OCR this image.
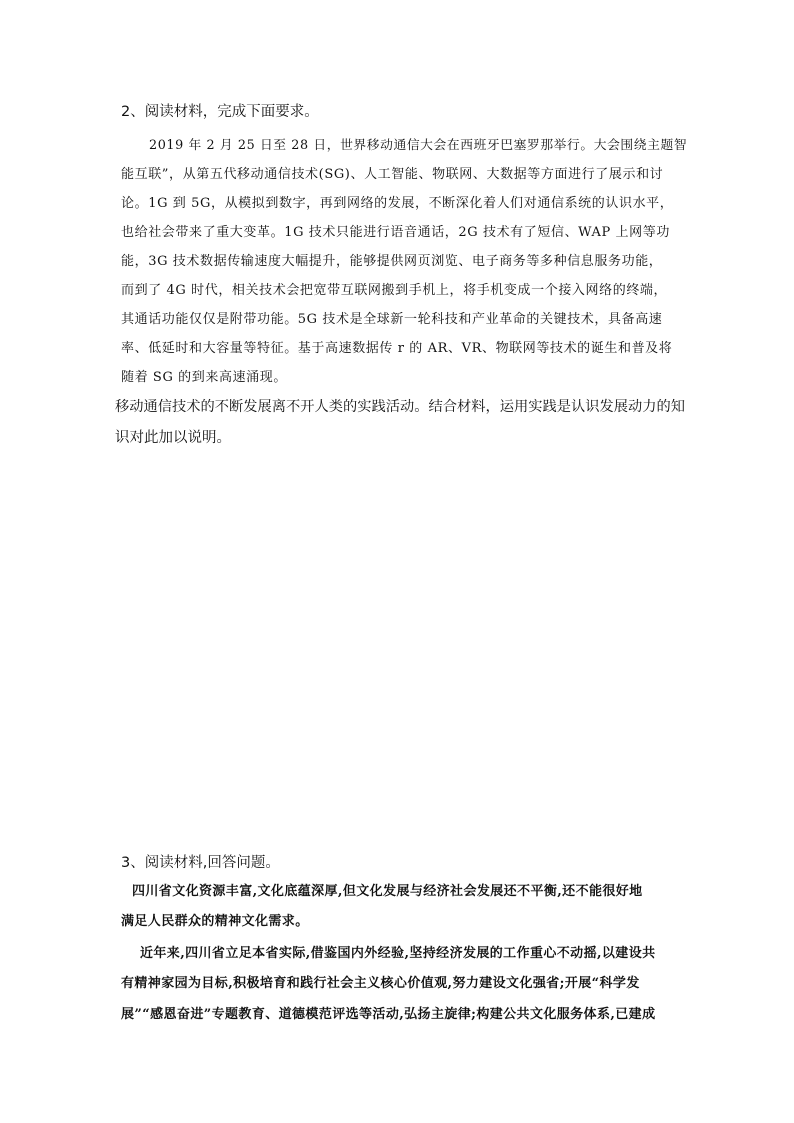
2、阅读材料，完成下面要求。
2019 年 2 月 25 日至 28 日，世界移动通信大会在西班牙巴塞罗那举行。大会围绕主题智
能互联”，从第五代移动通信技术(SG)、人工智能、物联网、大数据等方面进行了展示和讨
论。1G 到 5G，从模拟到数字，再到网络的发展，不断深化着人们对通信系统的认识水平，
也给社会带来了重大变革。1G 技术只能进行语音通话，2G 技术有了短信、WAP 上网等功
能，3G 技术数据传输速度大幅提升，能够提供网页浏览、电子商务等多种信息服务功能，
而到了 4G 时代，相关技术会把宽带互联网搬到手机上，将手机变成一个接入网络的终端，
其通话功能仅仅是附带功能。5G 技术是全球新一轮科技和产业革命的关键技术，具备高速
率、低延时和大容量等特征。基于高速数据传 r 的 AR、VR、物联网等技术的诞生和普及将
随着 SG 的到来高速涌现。
移动通信技术的不断发展离不开人类的实践活动。结合材料，运用实践是认识发展动力的知
识对此加以说明。
3、阅读材料,回答问题。
四川省文化资源丰富,文化底蕴深厚,但文化发展与经济社会发展还不平衡,还不能很好地
满足人民群众的精神文化需求。
近年来,四川省立足本省实际,借鉴国内外经验,坚持经济发展的工作重心不动摇,以建设共
有精神家园为目标,积极培育和践行社会主义核心价值观,努力建设文化强省;开展“科学发
展”“感恩奋进”专题教育、道德模范评选等活动,弘扬主旋律;构建公共文化服务体系,已建成
